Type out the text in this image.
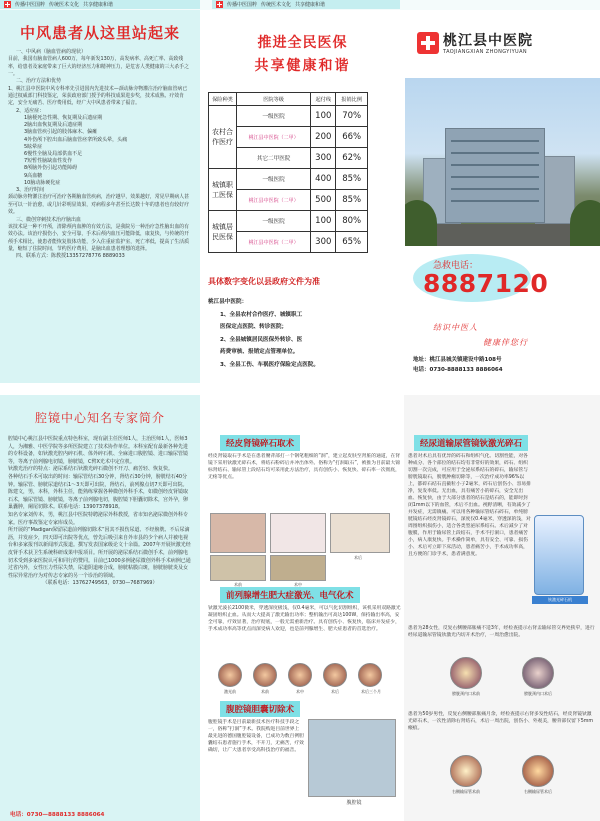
传播中医国粹 传统医术文化 共享健康和谐	传播中医国粹 传统医术文化 共享健康和谐
中风患者从这里站起来
一、中风病（脑血管病的现状）
目前，我国有脑血管病人600万，每年新发130万，高发病率、高死亡率、高致残率，给患者及家庭带来了巨大的经济压力和精神压力，是危害人类健康的三大杀手之一。
二、治疗方法和优势
1、桃江县中医院中风专科率先引进国内先进技术—颈动脉旁物灌注治疗脑血管病已通过权威部门科技鉴定，荣获政府部门授予的科技成果进步奖，技术成熟、疗效肯定，安全无痛苦、医疗费用低，经广大中风患者带来了福音。
2、适应症：
1脑梗死急性期、恢复期及后遗症期
2脑出血恢复期及后遗症期
3脑血管疾引起的肢体麻木、偏瘫
4外伤颅下腔出血后脑血管痉挛所致头晕，头痛
5眩晕症
6慢性全脑及局部供血不足
7短暂性脑缺血性发作
8颅脑外伤引起功能障碍
9高血糖
10脑动脉硬化症
3、治疗时间
颈动脉旁物灌注治疗可治疗各期脑血管疾病，治疗越早，效果越好，常见早期病人甚至可以一针治愈，或几针彩明显效果，对病程多年甚至长达数十年的患者也有较好疗效。
三、微创穿刺技术治疗脑出血
该技术是一种不开颅，清除颅内血肿的有效方法，是我院另一种治疗急性脑出血的有效办法。该治疗损伤小，安全可靠，手术后颅内血压可能降低，康复快，与传统的开颅手术相比，使患者能恢复肢体功能，少入住重症监护室，死亡率低，提高了生活质量，缩短了住院时间，节约医疗费用，是脑出血患者理想的选择。
四、联系方式：陈教授13357278776 8889033
推进全民医保
共享健康和谐
保险种类	医院等级	起付线	报销比例
农村合作医疗	一级医院	100	70%
	桃江县中医院（二甲）	200	66%
	其它二甲医院	300	62%
城镇职工医保	一级医院	400	85%
	桃江县中医院（二甲）	500	85%
城镇居民医保	一级医院	100	80%
	桃江县中医院（二甲）	300	65%
具体数字变化以县政府文件为准
桃江县中医院：
1、全县农村合作医疗、城镇职工
医保定点医院、转诊医院；
2、全县城镇居民医保外转诊、医
药费审核、报销定点管理单位。
3、全县工伤、车祸医疗保险定点医院。
桃江县中医院
TAOJIANGXIAN ZHONGYIYUAN
急救电话：
8887120
结识中医人
健康伴您行
地址：桃江县城关镇建设中路108号
电话：0730-8888133 8886064
腔镜中心知名专家简介
腔镜中心桃江县中医院重点特色科室，现有副主任医师1人，主治医师1人，医师3人，为湘雅、中医学院等多所医院建立了技术协作单位。本科室配有最新各种先进的专科设备，如钬激光腔内碎石机、体外碎石机、全麻进口腹腔镜、进口输尿管镜等，等离子前列腺电切镜，膀胱镜，C臂X光术中定位机。
钬激光治疗的特点：泌尿系结石钬激光碎石微创不开刀、痛苦轻、恢复快。
各种结石手术可取出的时间：输尿管结石30分钟，肾结石30分钟，膀胱结石40分钟。输尿管、膀胱尿道结石1～3天即可出院，肾结石，前列腺点切7天即可出院。
陈建文，男，本科，外科主任，能熟练掌握各种微创外科手术，如微创经皮肾镜取石术，输尿管镜、膀胱镜，等离子前列腺电切，腹腔镜下胆囊切除术，宫外孕，卵巢囊肿，阑尾切除术。联系电话：13907378918。
知名专家刘传本，男，桃江县中医院特聘泌尿外科教授，省市知名泌尿微创外科专家。医疗事故鉴定专家库成员。
所开展的“Madigan保留尿道前列腺切除术”因其不损伤尿道、不经膀胱、不后尿滴沥，并发症少，四天即可出院等优点，曾先后吸引来自外市县的少个病人并被电视台和多家报刊以新闻形式报道。撰写发表国家级论文十余篇。2007年开展钬激光经皮肾手术获卫生系统科研成果申报项目。所开展的泌尿系结石微创手术，前列腺电切术受到多家医院认可和同行的赞同。目前已1000多例泌尿微创外科手术病例已通过省内外，女性压力性尿失禁，尿道阴道瘘合成，膀胱粘膜白斑，膀胱膀胱炎及女性尿异常治疗为对传志专家的另一个诊治的领域。
（联系电话：13762749563，0730—7687969）
电话：0730—8888133 8886064
经皮肾镜碎石取术
经皮肾镜取石手术是在患者腰背部打一个钢笔粗细的“洞”，建立起皮肤至肾脏的通道，在肾镜下采用钬激光碎石术，将结石粉碎后并冲出体外。俗称为“打洞取石”，被推为目前最大锦标肾结石、输尿管上段结石均可采用此方法治疗，具有创伤小、恢复快、碎石率一次彻底，无疼等优点。
前列腺增生肥大症激光、电气化术
钬激光波长2100微米，穿透深度极浅，仅0.4毫米，可以气化切割组织，该机采用双路激光凝固组织止血。从而大大提高了激光输出功率；整机输出可高达100W，保持输出率高，安全可靠，疗效显著，治疗彻底，一般无需重新治疗。具有创伤小、恢复快，临床并发症少，手术成功率高等优点而深受病人欢迎，也是前列腺增生、肥大症患者的首选治疗。
激光前	术前	术中	术后	术后三个月
腹腔镜胆囊切除术
腹腔镜手术是目前最新技术医疗科技手段之一，俗称“打洞”手术。我院购进目前世界上最先进的德国腹腔镜设备，已成功为数百例胆囊结石患者施行手术，不开刀，无痛苦，疗效确切，让广大患者享受高科技治疗的福音。
腹腔镜
经尿道输尿管镜钬激光碎石
患者对术后具有优异的碎石和组织气化、切割性能，对各种成分、各个部位的结石均有非常好的效果，碎石、组织切割一次完成，可应用于全泌尿系结石的碎石，输尿管与膀胱镜取石，膀胱肿瘤切除等，一次治疗成功率96%以上，都碎石结石直截粒小子2毫米，碎石后创伤小、容易排净，复发率低。无出血，具有痛苦小的碎石，安全无出血、恢复快，由于大部分患者的结石是结石的，能即时封闭1mm以下的血管，术后不出血。视野清晰，有效减少了并发症，无需镇痛。可以用各种输尿管结石碎石，单纯膀胱镜结石经皮肾镜碎石，深度仅0.4毫米，穿透深的浅，对周围组织损伤小，适合各类型泌尿系结石。术后减少了对腹膜，作用于输尿管上段结石，手术不打洞口，患者痛苦小，病人康复快。手术操作简单，具有安全、可靠、损伤小、术后可立即下床活动，患者痛苦小，手术成功率高，且方便的门诊手术，患者满意度。
钬激光碎石机
患者为28女性，反复右侧腰部胀痛不适3年，经检查提示右肾盂输尿管交界处狭窄，进行经尿道输尿管镜钬激光内切开术治疗，一周治愈出院。
膀胱颈内口术前	膀胱颈内口术后
患者为50岁男性，反复右侧腰部胀痛月余，经检查提示右肾多发性结石，经皮肾镜钬激光碎石术，一次性清除右肾结石，术后一周出院，创伤小、外观美，腰背部仅留下5mm瘢痕。
右侧输尿管术前	右侧输尿管术后
术前	术中
术后
